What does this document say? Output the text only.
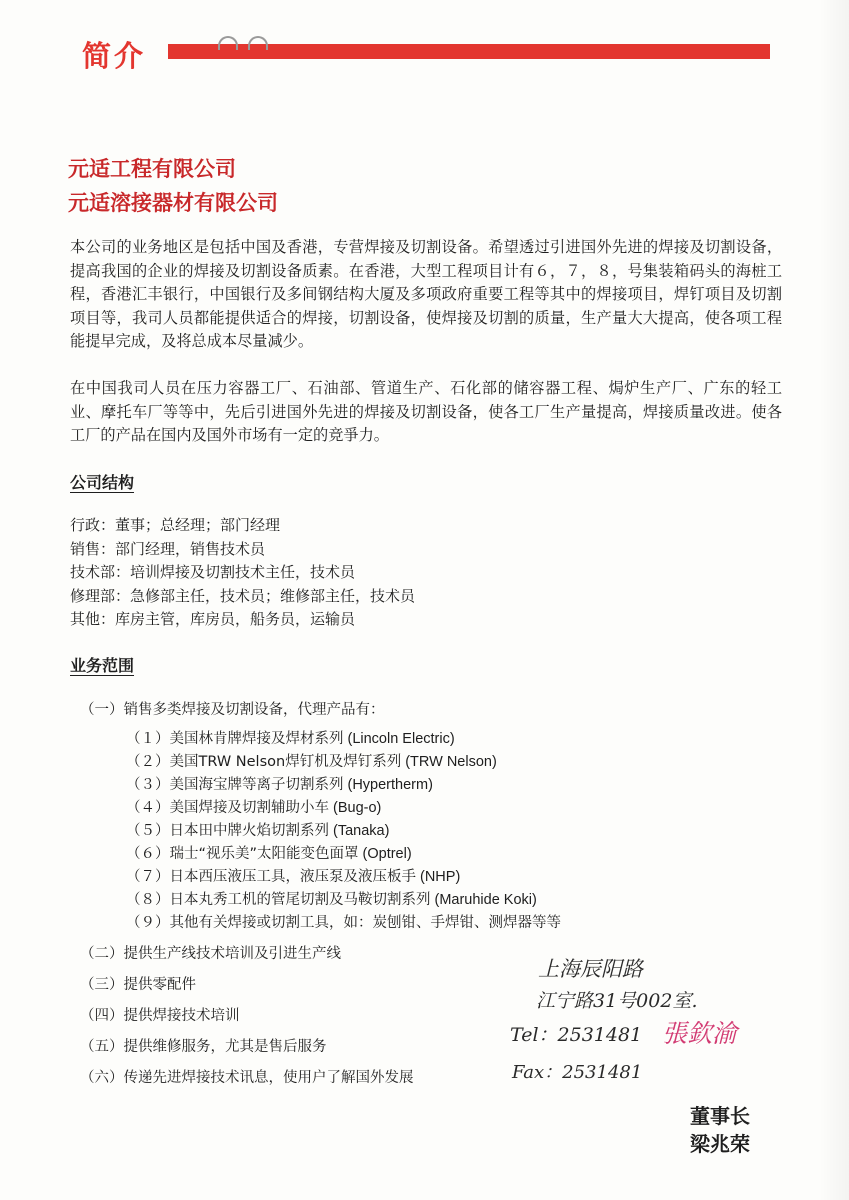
简介
元适工程有限公司
元适溶接器材有限公司

本公司的业务地区是包括中国及香港，专营焊接及切割设备。希望透过引进国外先进的焊接及切割设备，提高我国的企业的焊接及切割设备质素。在香港，大型工程项目计有６，７，８，号集装箱码头的海桩工程，香港汇丰银行，中国银行及多间钢结构大厦及多项政府重要工程等其中的焊接项目，焊钉项目及切割项目等，我司人员都能提供适合的焊接，切割设备，使焊接及切割的质量，生产量大大提高，使各项工程能提早完成，及将总成本尽量减少。

在中国我司人员在压力容器工厂、石油部、管道生产、石化部的储容器工程、焗炉生产厂、广东的轻工业、摩托车厂等等中，先后引进国外先进的焊接及切割设备，使各工厂生产量提高，焊接质量改进。使各工厂的产品在国内及国外市场有一定的竞爭力。

公司结构
行政：董事；总经理；部门经理
销售：部门经理，销售技术员
技术部：培训焊接及切割技术主任，技术员
修理部：急修部主任，技术员；维修部主任，技术员
其他：库房主管，库房员，船务员，运输员
业务范围
（一）销售多类焊接及切割设备，代理产品有：
（１）美国林肯牌焊接及焊材系列 (Lincoln Electric)
（２）美国TRW Nelson焊钉机及焊钉系列 (TRW Nelson)
（３）美国海宝牌等离子切割系列 (Hypertherm)
（４）美国焊接及切割辅助小车 (Bug-o)
（５）日本田中牌火焰切割系列 (Tanaka)
（６）瑞士“视乐美”太阳能变色面罩 (Optrel)
（７）日本西压液压工具，液压泵及液压板手 (NHP)
（８）日本丸秀工机的管尾切割及马鞍切割系列 (Maruhide Koki)
（９）其他有关焊接或切割工具，如：炭刨钳、手焊钳、测焊器等等
（二）提供生产线技术培训及引进生产线
（三）提供零配件
（四）提供焊接技术培训
（五）提供维修服务，尤其是售后服务
（六）传递先进焊接技术讯息，使用户了解国外发展
上海辰阳路
江宁路31号002室.
Tel：2531481
Fax：2531481
張欽渝
董事长
梁兆荣
